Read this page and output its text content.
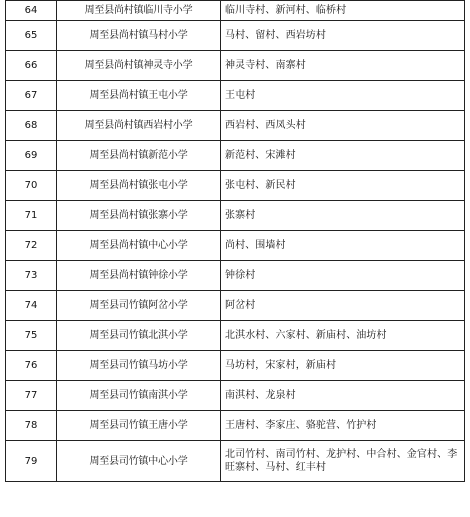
64	周至县尚村镇临川寺小学	临川寺村、新河村、临桥村
65	周至县尚村镇马村小学	马村、留村、西岩坊村
66	周至县尚村镇神灵寺小学	神灵寺村、南寨村
67	周至县尚村镇王屯小学	王屯村
68	周至县尚村镇西岩村小学	西岩村、西凤头村
69	周至县尚村镇新范小学	新范村、宋滩村
70	周至县尚村镇张屯小学	张屯村、新民村
71	周至县尚村镇张寨小学	张寨村
72	周至县尚村镇中心小学	尚村、围墙村
73	周至县尚村镇钟徐小学	钟徐村
74	周至县司竹镇阿岔小学	阿岔村
75	周至县司竹镇北淇小学	北淇水村、六家村、新庙村、油坊村
76	周至县司竹镇马坊小学	马坊村，宋家村，新庙村
77	周至县司竹镇南淇小学	南淇村、龙泉村
78	周至县司竹镇王唐小学	王唐村、李家庄、骆驼营、竹护村
79	周至县司竹镇中心小学	北司竹村、南司竹村、龙护村、中合村、金官村、李旺寨村、马村、红丰村
